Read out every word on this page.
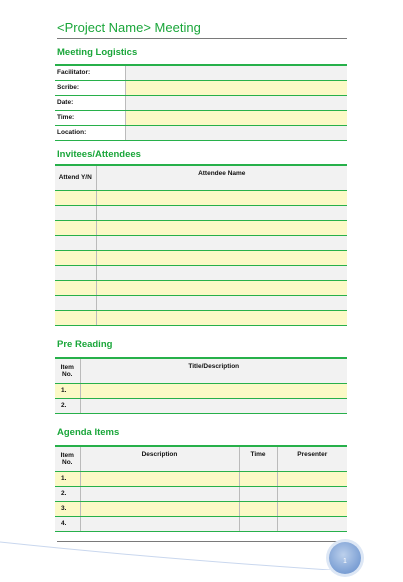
<Project Name> Meeting
Meeting Logistics
Facilitator:	
Scribe:	
Date:	
Time:	
Location:	
Invitees/Attendees
Attend Y/N	Attendee Name

Pre Reading
Item No.	Title/Description
1.	
2.	
Agenda Items
Item No.	Description	Time	Presenter
1.			
2.			
3.			
4.			
1
